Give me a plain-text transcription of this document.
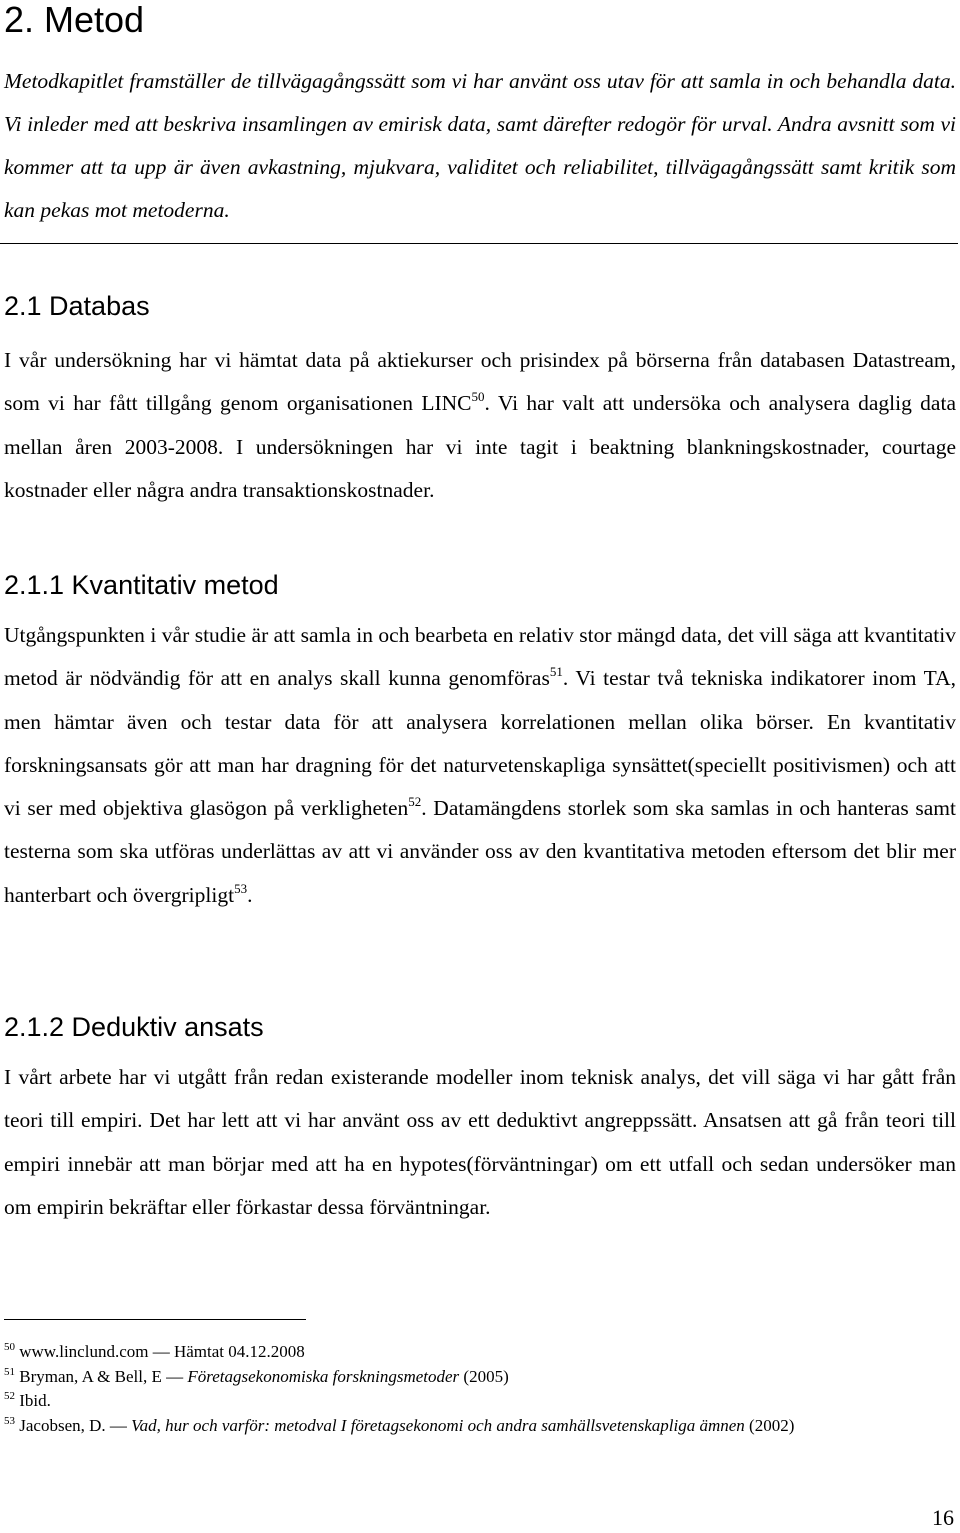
2. Metod

Metodkapitlet framställer de tillvägagångssätt som vi har använt oss utav för att samla in och behandla data. Vi inleder med att beskriva insamlingen av emirisk data, samt därefter redogör för urval. Andra avsnitt som vi kommer att ta upp är även avkastning, mjukvara, validitet och reliabilitet, tillvägagångssätt samt kritik som kan pekas mot metoderna.

2.1 Databas

I vår undersökning har vi hämtat data på aktiekurser och prisindex på börserna från databasen Datastream, som vi har fått tillgång genom organisationen LINC$^{50}$. Vi har valt att undersöka och analysera daglig data mellan åren 2003-2008. I undersökningen har vi inte tagit i beaktning blankningskostnader, courtage kostnader eller några andra transaktionskostnader.

2.1.1 Kvantitativ metod

Utgångspunkten i vår studie är att samla in och bearbeta en relativ stor mängd data, det vill säga att kvantitativ metod är nödvändig för att en analys skall kunna genomföras$^{51}$. Vi testar två tekniska indikatorer inom TA, men hämtar även och testar data för att analysera korrelationen mellan olika börser. En kvantitativ forskningsansats gör att man har dragning för det naturvetenskapliga synsättet(speciellt positivismen) och att vi ser med objektiva glasögon på verkligheten$^{52}$. Datamängdens storlek som ska samlas in och hanteras samt testerna som ska utföras underlättas av att vi använder oss av den kvantitativa metoden eftersom det blir mer hanterbart och övergripligt$^{53}$.

2.1.2 Deduktiv ansats

I vårt arbete har vi utgått från redan existerande modeller inom teknisk analys, det vill säga vi har gått från teori till empiri. Det har lett att vi har använt oss av ett deduktivt angreppssätt. Ansatsen att gå från teori till empiri innebär att man börjar med att ha en hypotes(förväntningar) om ett utfall och sedan undersöker man om empirin bekräftar eller förkastar dessa förväntningar.

$^{50}$ www.linclund.com — Hämtat 04.12.2008

$^{51}$ Bryman, A & Bell, E — Företagsekonomiska forskningsmetoder (2005)

$^{52}$ Ibid.

$^{53}$ Jacobsen, D. — Vad, hur och varför: metodval I företagsekonomi och andra samhällsvetenskapliga ämnen (2002)

16
